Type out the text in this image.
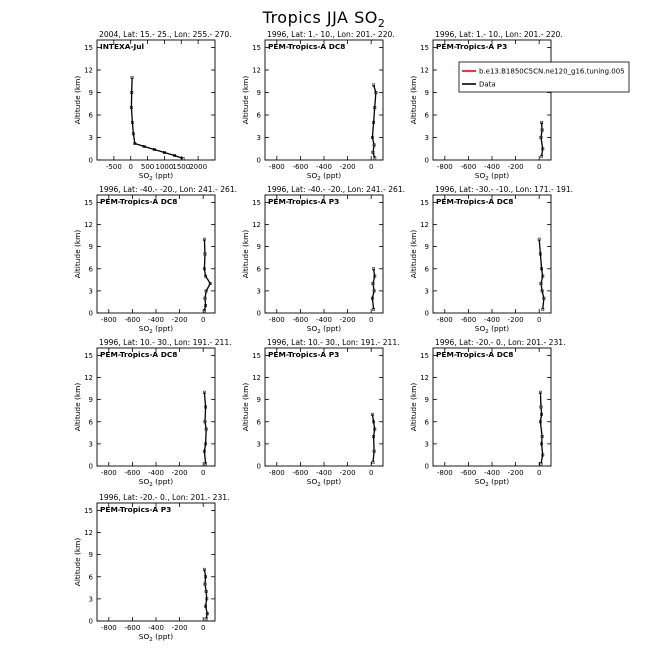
Tropics JJA $SO_2$
2004, Lat: 15.- 25., Lon: 255.- 270.
INTEXA-Jul
0
3
6
9
12
15
-500 0 500 1000 1500 2000
Altitude (km)
$SO_2$ (ppt)
1996, Lat: 1.- 10., Lon: 201.- 220.
PEM-Tropics-A DC8
0
3
6
9
12
15
-800 -600 -400 -200 0
Altitude (km)
$SO_2$ (ppt)
1996, Lat: 1.- 10., Lon: 201.- 220.
PEM-Tropics-A P3
0
3
6
9
12
15
-800 -600 -400 -200 0
Altitude (km)
$SO_2$ (ppt)
b.e13.B1850C5CN.ne120_g16.tuning.005
Data
1996, Lat: -40.- -20., Lon: 241.- 261.
PEM-Tropics-A DC8
0
3
6
9
12
15
-800 -600 -400 -200 0
Altitude (km)
$SO_2$ (ppt)
1996, Lat: -40.- -20., Lon: 241.- 261.
PEM-Tropics-A P3
0
3
6
9
12
15
-800 -600 -400 -200 0
Altitude (km)
$SO_2$ (ppt)
1996, Lat: -30.- -10., Lon: 171.- 191.
PEM-Tropics-A DC8
0
3
6
9
12
15
-800 -600 -400 -200 0
Altitude (km)
$SO_2$ (ppt)
1996, Lat: 10.- 30., Lon: 191.- 211.
PEM-Tropics-A DC8
0
3
6
9
12
15
-800 -600 -400 -200 0
Altitude (km)
$SO_2$ (ppt)
1996, Lat: 10.- 30., Lon: 191.- 211.
PEM-Tropics-A P3
0
3
6
9
12
15
-800 -600 -400 -200 0
Altitude (km)
$SO_2$ (ppt)
1996, Lat: -20.- 0., Lon: 201.- 231.
PEM-Tropics-A DC8
0
3
6
9
12
15
-800 -600 -400 -200 0
Altitude (km)
$SO_2$ (ppt)
1996, Lat: -20.- 0., Lon: 201.- 231.
PEM-Tropics-A P3
0
3
6
9
12
15
-800 -600 -400 -200 0
Altitude (km)
$SO_2$ (ppt)
